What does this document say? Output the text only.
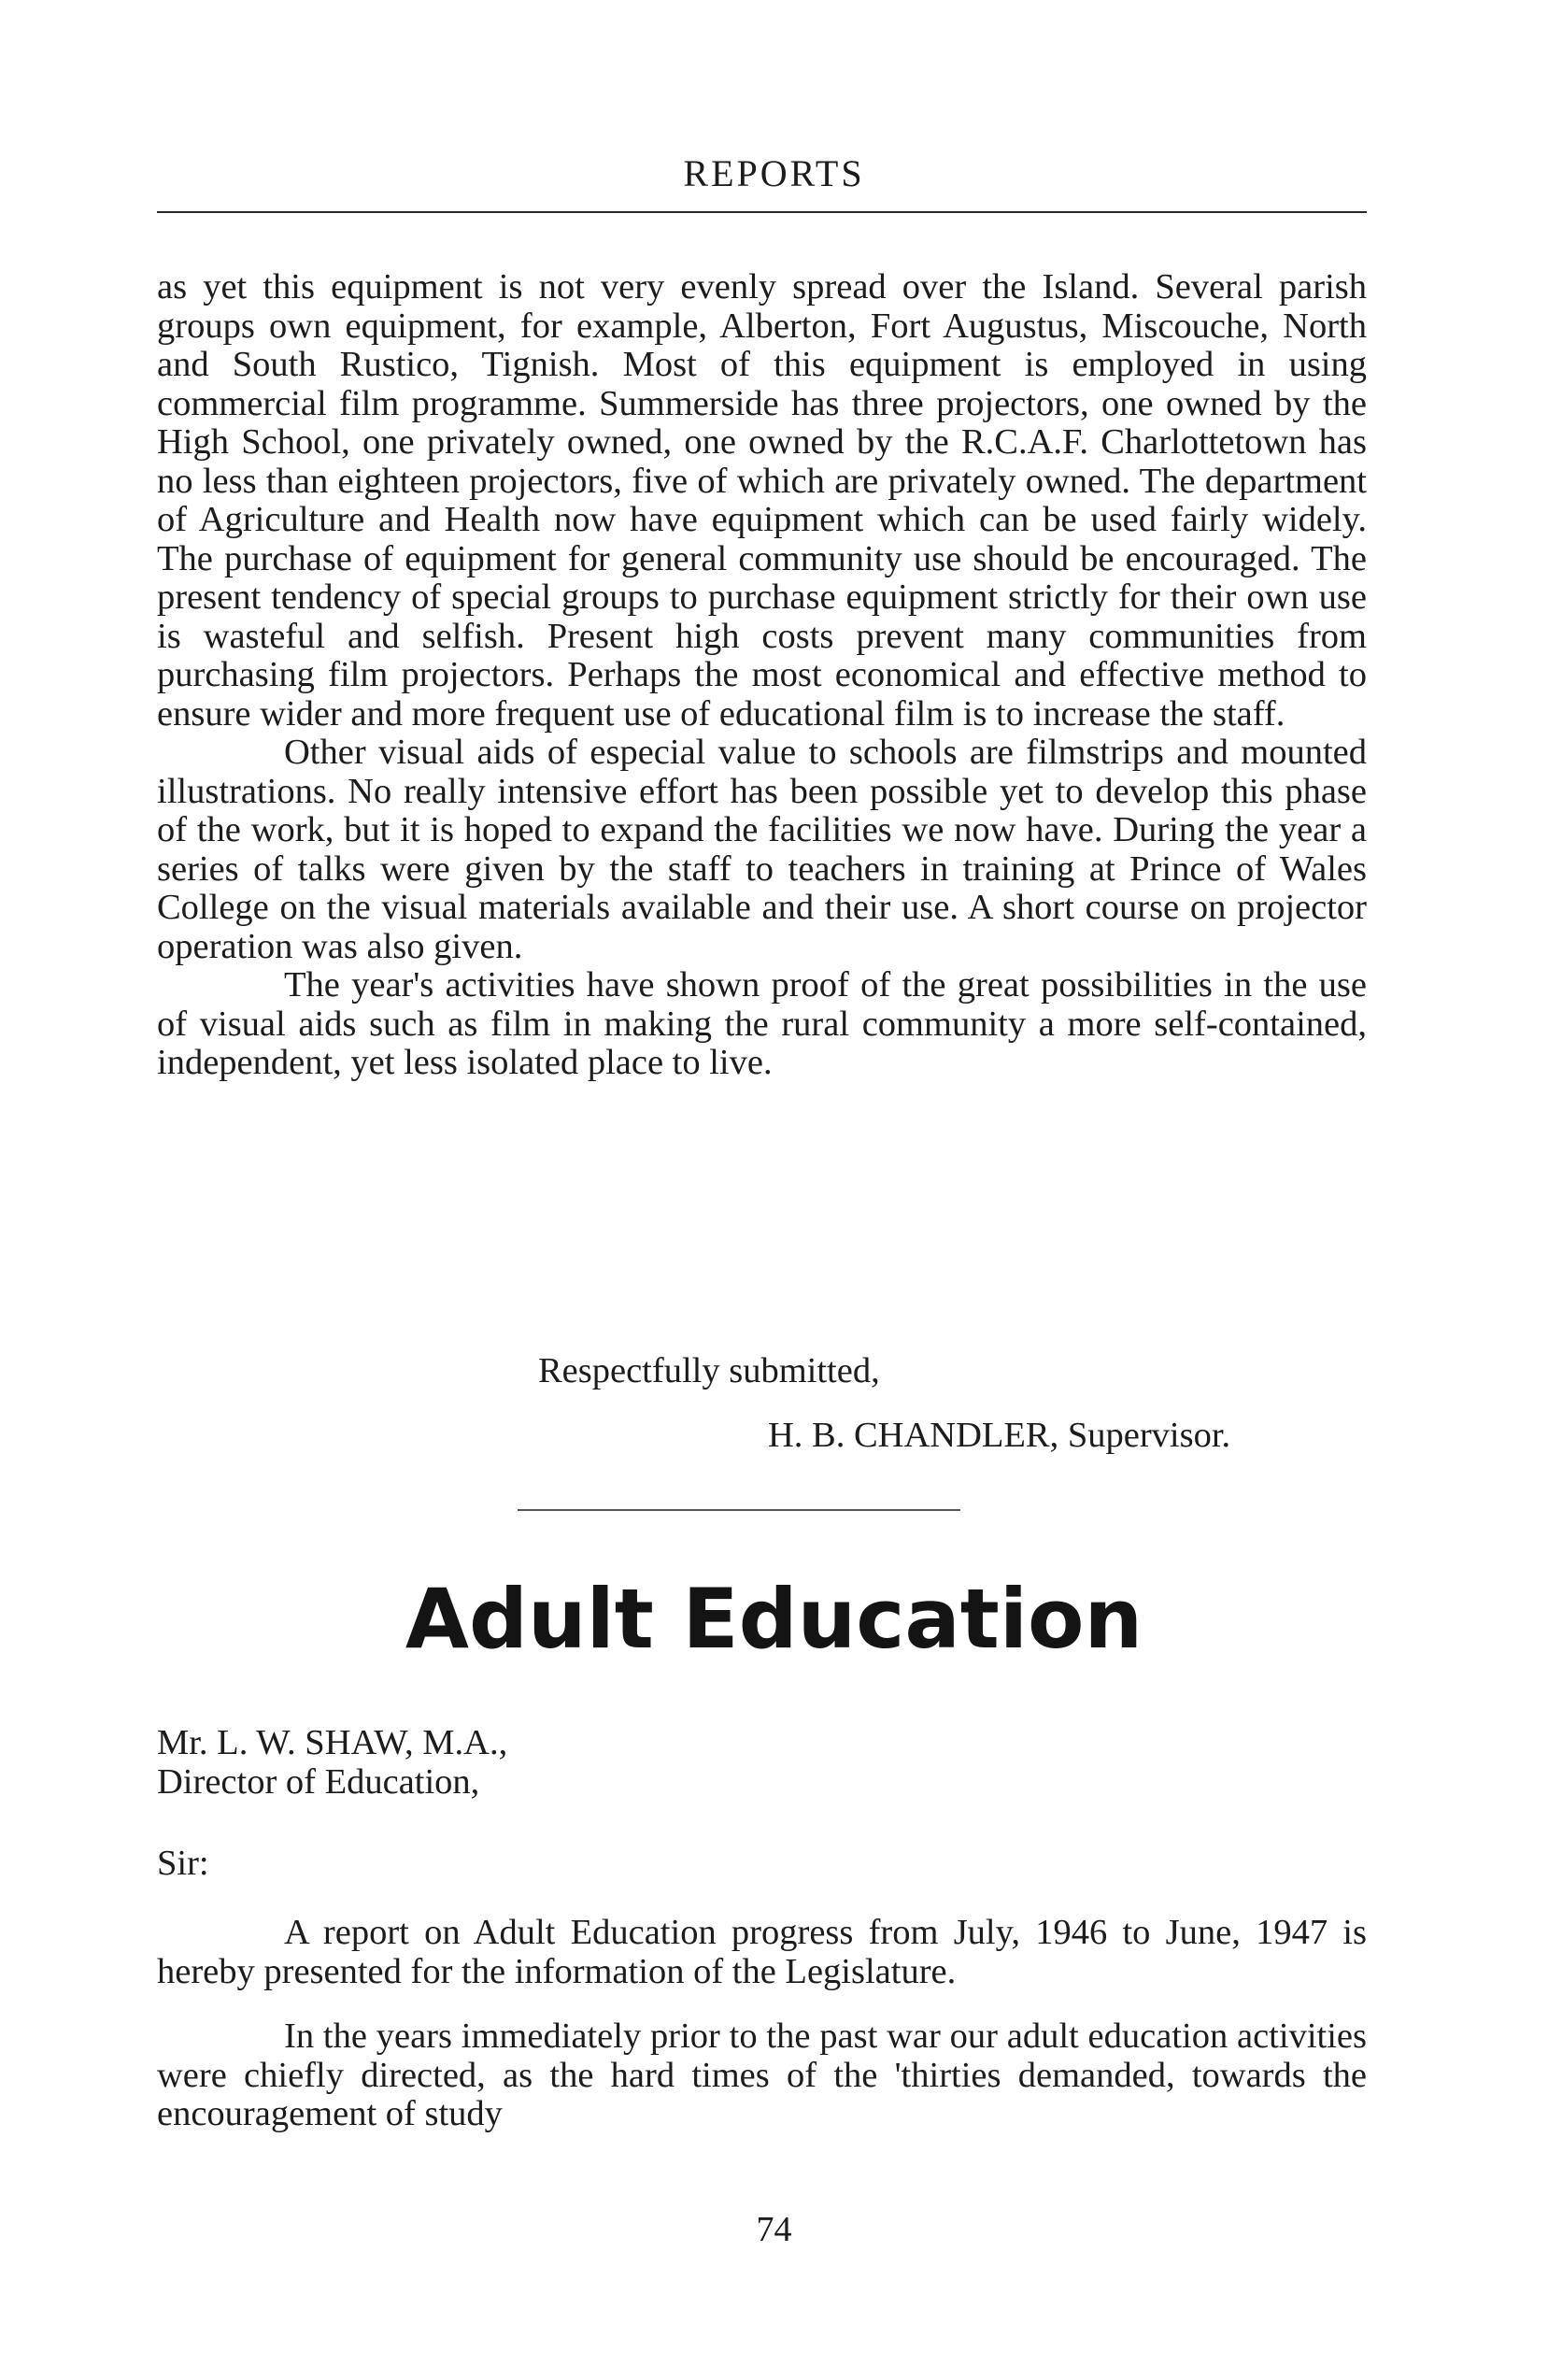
REPORTS

as yet this equipment is not very evenly spread over the Island. Several parish groups own equipment, for example, Alberton, Fort Augustus, Miscouche, North and South Rustico, Tignish. Most of this equipment is employed in using commercial film programme. Summerside has three projectors, one owned by the High School, one privately owned, one owned by the R.C.A.F. Charlottetown has no less than eighteen projectors, five of which are privately owned. The department of Agriculture and Health now have equipment which can be used fairly widely. The purchase of equipment for general community use should be encouraged. The present tendency of special groups to purchase equipment strictly for their own use is wasteful and selfish. Present high costs prevent many communities from purchasing film projectors. Perhaps the most economical and effective method to ensure wider and more frequent use of educational film is to increase the staff.

Other visual aids of especial value to schools are filmstrips and mounted illustrations. No really intensive effort has been possible yet to develop this phase of the work, but it is hoped to expand the facilities we now have. During the year a series of talks were given by the staff to teachers in training at Prince of Wales College on the visual materials available and their use. A short course on projector operation was also given.

The year's activities have shown proof of the great possibilities in the use of visual aids such as film in making the rural community a more self-contained, independent, yet less isolated place to live.

Respectfully submitted,
H. B. CHANDLER, Supervisor.
Adult Education
Mr. L. W. SHAW, M.A.,
Director of Education,
Sir:

A report on Adult Education progress from July, 1946 to June, 1947 is hereby presented for the information of the Legislature.

In the years immediately prior to the past war our adult education activities were chiefly directed, as the hard times of the 'thirties demanded, towards the encouragement of study

74
